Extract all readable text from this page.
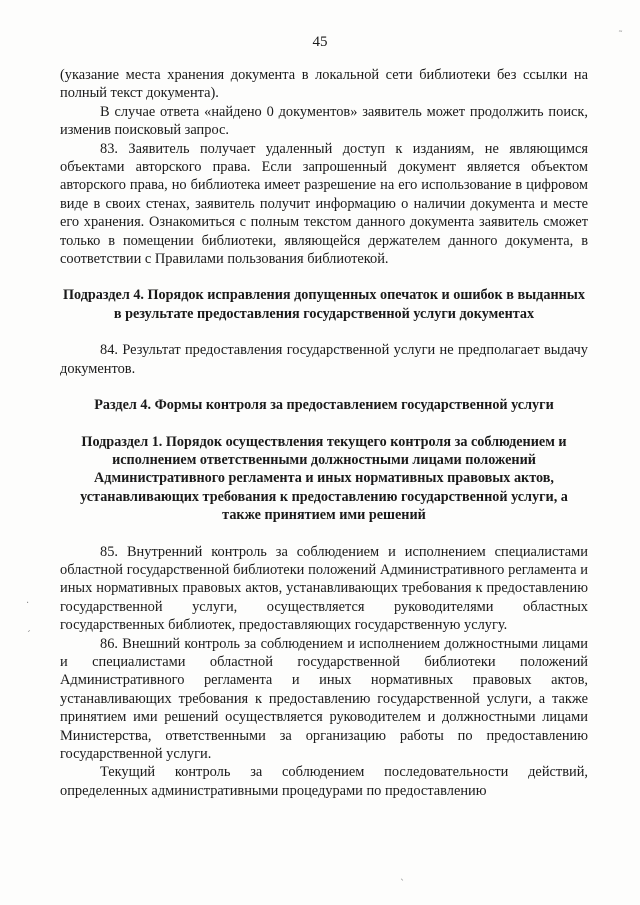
45

(указание места хранения документа в локальной сети библиотеки без ссылки на полный текст документа).

В случае ответа «найдено 0 документов» заявитель может продолжить поиск, изменив поисковый запрос.

83. Заявитель получает удаленный доступ к изданиям, не являющимся объектами авторского права. Если запрошенный документ является объектом авторского права, но библиотека имеет разрешение на его использование в цифровом виде в своих стенах, заявитель получит информацию о наличии документа и месте его хранения. Ознакомиться с полным текстом данного документа заявитель сможет только в помещении библиотеки, являющейся держателем данного документа, в соответствии с Правилами пользования библиотекой.

Подраздел 4. Порядок исправления допущенных опечаток и ошибок в выданных в результате предоставления государственной услуги документах

84. Результат предоставления государственной услуги не предполагает выдачу документов.

Раздел 4. Формы контроля за предоставлением государственной услуги

Подраздел 1. Порядок осуществления текущего контроля за соблюдением и исполнением ответственными должностными лицами положений Административного регламента и иных нормативных правовых актов, устанавливающих требования к предоставлению государственной услуги, а также принятием ими решений

85. Внутренний контроль за соблюдением и исполнением специалистами областной государственной библиотеки положений Административного регламента и иных нормативных правовых актов, устанавливающих требования к предоставлению государственной услуги, осуществляется руководителями областных государственных библиотек, предоставляющих государственную услугу.

86. Внешний контроль за соблюдением и исполнением должностными лицами и специалистами областной государственной библиотеки положений Административного регламента и иных нормативных правовых актов, устанавливающих требования к предоставлению государственной услуги, а также принятием ими решений осуществляется руководителем и должностными лицами Министерства, ответственными за организацию работы по предоставлению государственной услуги.

Текущий контроль за соблюдением последовательности действий, определенных административными процедурами по предоставлению

˜
·
ˊ
ˎ
